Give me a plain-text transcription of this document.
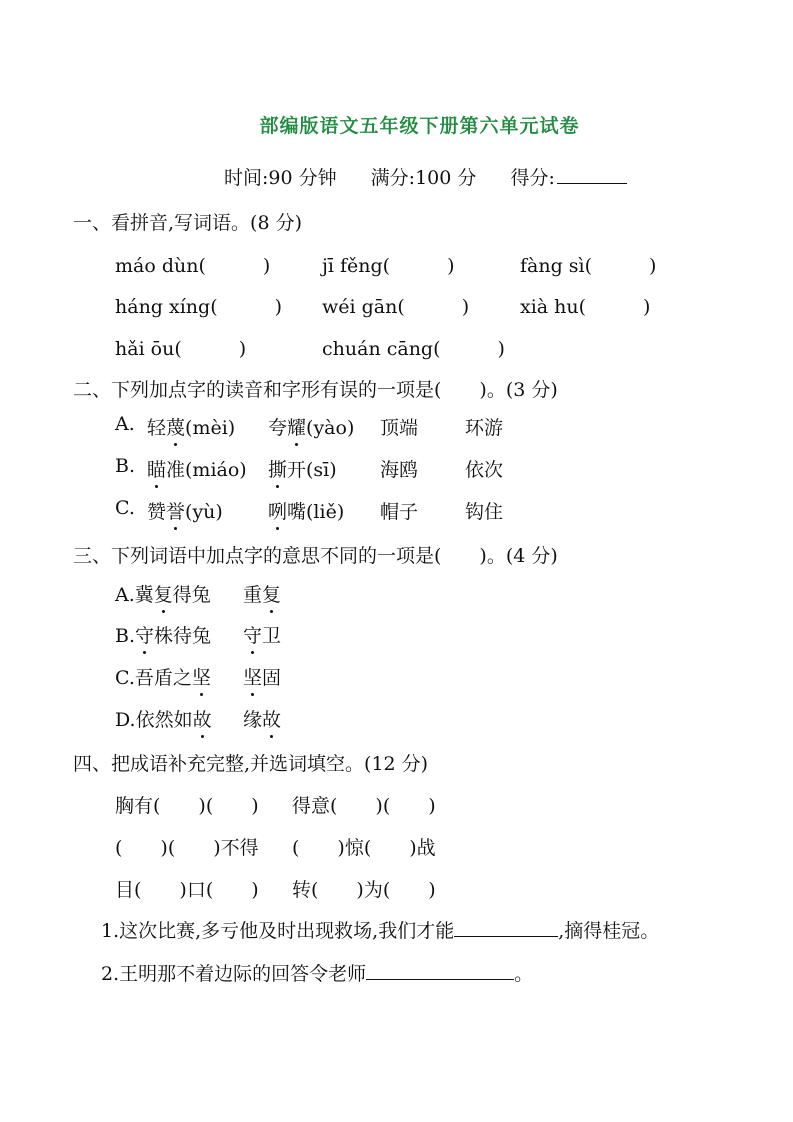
部编版语文五年级下册第六单元试卷
时间:90 分钟 满分:100 分 得分:
一、看拼音,写词语。(8 分)
máo dùn(　　　)	jī fěng(　　　)	fàng sì(　　　)
háng xíng(　　　) wéi gān(　　　)	xià hu(　　　)
hǎi ōu(　　　)	chuán cāng(　　　)
二、下列加点字的读音和字形有误的一项是(　　)。(3 分)
A. 轻蔑(mèi) 夸耀(yào) 顶端 环游
B. 瞄准(miáo) 撕开(sī) 海鸥 依次
C. 赞誉(yù) 咧嘴(liě) 帽子 钩住
三、下列词语中加点字的意思不同的一项是(　　)。(4 分)
A.冀复得兔 重复
B.守株待兔 守卫
C.吾盾之坚 坚固
D.依然如故 缘故
四、把成语补充完整,并选词填空。(12 分)
胸有(　　)(　　) 得意(　　)(　　)
(　　)(　　)不得 (　　)惊(　　)战
目(　　)口(　　) 转(　　)为(　　)
1.这次比赛,多亏他及时出现救场,我们才能	,摘得桂冠。
2.王明那不着边际的回答令老师	。
